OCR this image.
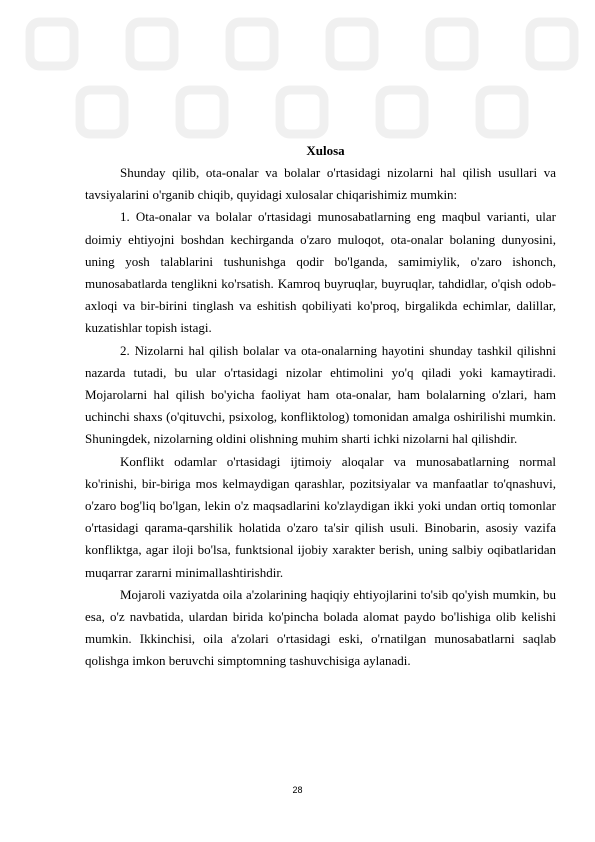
Xulosa

Shunday qilib, ota-onalar va bolalar o'rtasidagi nizolarni hal qilish usullari va tavsiyalarini o'rganib chiqib, quyidagi xulosalar chiqarishimiz mumkin:

1. Ota-onalar va bolalar o'rtasidagi munosabatlarning eng maqbul varianti, ular doimiy ehtiyojni boshdan kechirganda o'zaro muloqot, ota-onalar bolaning dunyosini, uning yosh talablarini tushunishga qodir bo'lganda, samimiylik, o'zaro ishonch, munosabatlarda tenglikni ko'rsatish. Kamroq buyruqlar, buyruqlar, tahdidlar, o'qish odob-axloqi va bir-birini tinglash va eshitish qobiliyati ko'proq, birgalikda echimlar, dalillar, kuzatishlar topish istagi.

2. Nizolarni hal qilish bolalar va ota-onalarning hayotini shunday tashkil qilishni nazarda tutadi, bu ular o'rtasidagi nizolar ehtimolini yo'q qiladi yoki kamaytiradi. Mojarolarni hal qilish bo'yicha faoliyat ham ota-onalar, ham bolalarning o'zlari, ham uchinchi shaxs (o'qituvchi, psixolog, konfliktolog) tomonidan amalga oshirilishi mumkin. Shuningdek, nizolarning oldini olishning muhim sharti ichki nizolarni hal qilishdir.

Konflikt odamlar o'rtasidagi ijtimoiy aloqalar va munosabatlarning normal ko'rinishi, bir-biriga mos kelmaydigan qarashlar, pozitsiyalar va manfaatlar to'qnashuvi, o'zaro bog'liq bo'lgan, lekin o'z maqsadlarini ko'zlaydigan ikki yoki undan ortiq tomonlar o'rtasidagi qarama-qarshilik holatida o'zaro ta'sir qilish usuli. Binobarin, asosiy vazifa konfliktga, agar iloji bo'lsa, funktsional ijobiy xarakter berish, uning salbiy oqibatlaridan muqarrar zararni minimallashtirishdir.

Mojaroli vaziyatda oila a'zolarining haqiqiy ehtiyojlarini to'sib qo'yish mumkin, bu esa, o'z navbatida, ulardan birida ko'pincha bolada alomat paydo bo'lishiga olib kelishi mumkin. Ikkinchisi, oila a'zolari o'rtasidagi eski, o'rnatilgan munosabatlarni saqlab qolishga imkon beruvchi simptomning tashuvchisiga aylanadi.

28
